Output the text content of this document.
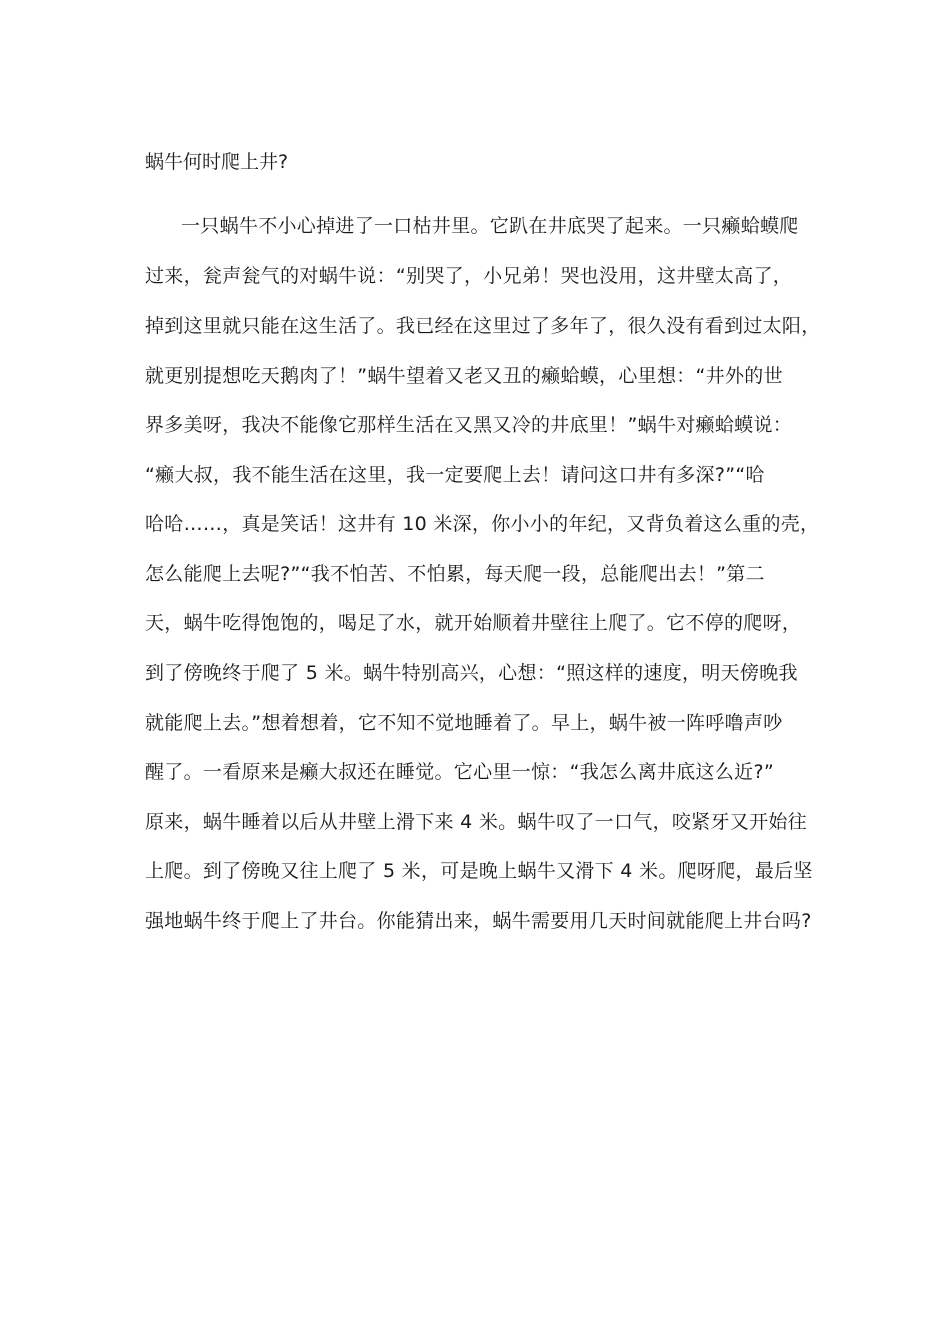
蜗牛何时爬上井?

一只蜗牛不小心掉进了一口枯井里。它趴在井底哭了起来。一只癞蛤蟆爬

过来，瓮声瓮气的对蜗牛说：“别哭了，小兄弟！哭也没用，这井壁太高了，

掉到这里就只能在这生活了。我已经在这里过了多年了，很久没有看到过太阳，

就更别提想吃天鹅肉了！”蜗牛望着又老又丑的癞蛤蟆，心里想：“井外的世

界多美呀，我决不能像它那样生活在又黑又冷的井底里！”蜗牛对癞蛤蟆说：

“癞大叔，我不能生活在这里，我一定要爬上去！请问这口井有多深?”“哈

哈哈……，真是笑话！这井有 10 米深，你小小的年纪，又背负着这么重的壳，

怎么能爬上去呢?”“我不怕苦、不怕累，每天爬一段，总能爬出去！”第二

天，蜗牛吃得饱饱的，喝足了水，就开始顺着井壁往上爬了。它不停的爬呀，

到了傍晚终于爬了 5 米。蜗牛特别高兴，心想：“照这样的速度，明天傍晚我

就能爬上去。”想着想着，它不知不觉地睡着了。早上，蜗牛被一阵呼噜声吵

醒了。一看原来是癞大叔还在睡觉。它心里一惊：“我怎么离井底这么近?”

原来，蜗牛睡着以后从井壁上滑下来 4 米。蜗牛叹了一口气，咬紧牙又开始往

上爬。到了傍晚又往上爬了 5 米，可是晚上蜗牛又滑下 4 米。爬呀爬，最后坚

强地蜗牛终于爬上了井台。你能猜出来，蜗牛需要用几天时间就能爬上井台吗?
